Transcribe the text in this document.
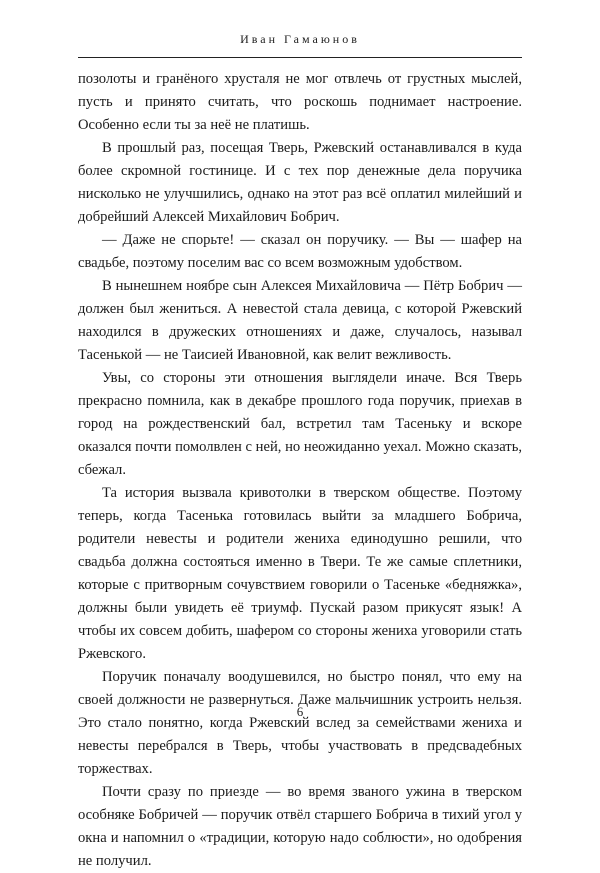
Иван Гамаюнов

позолоты и гранёного хрусталя не мог отвлечь от грустных мыслей, пусть и принято считать, что роскошь поднимает настроение. Особенно если ты за неё не платишь.

В прошлый раз, посещая Тверь, Ржевский останавливался в куда более скромной гостинице. И с тех пор денежные дела поручика нисколько не улучшились, однако на этот раз всё оплатил милейший и добрейший Алексей Михайлович Бобрич.

— Даже не спорьте! — сказал он поручику. — Вы — шафер на свадьбе, поэтому поселим вас со всем возможным удобством.

В нынешнем ноябре сын Алексея Михайловича — Пётр Бобрич — должен был жениться. А невестой стала девица, с которой Ржевский находился в дружеских отношениях и даже, случалось, называл Тасенькой — не Таисией Ивановной, как велит вежливость.

Увы, со стороны эти отношения выглядели иначе. Вся Тверь прекрасно помнила, как в декабре прошлого года поручик, приехав в город на рождественский бал, встретил там Тасеньку и вскоре оказался почти помолвлен с ней, но неожиданно уехал. Можно сказать, сбежал.

Та история вызвала кривотолки в тверском обществе. Поэтому теперь, когда Тасенька готовилась выйти за младшего Бобрича, родители невесты и родители жениха единодушно решили, что свадьба должна состояться именно в Твери. Те же самые сплетники, которые с притворным сочувствием говорили о Тасеньке «бедняжка», должны были увидеть её триумф. Пускай разом прикусят язык! А чтобы их совсем добить, шафером со стороны жениха уговорили стать Ржевского.

Поручик поначалу воодушевился, но быстро понял, что ему на своей должности не развернуться. Даже мальчишник устроить нельзя. Это стало понятно, когда Ржевский вслед за семействами жениха и невесты перебрался в Тверь, чтобы участвовать в предсвадебных торжествах.

Почти сразу по приезде — во время званого ужина в тверском особняке Бобричей — поручик отвёл старшего Бобрича в тихий угол у окна и напомнил о «традиции, которую надо соблюсти», но одобрения не получил.

6
